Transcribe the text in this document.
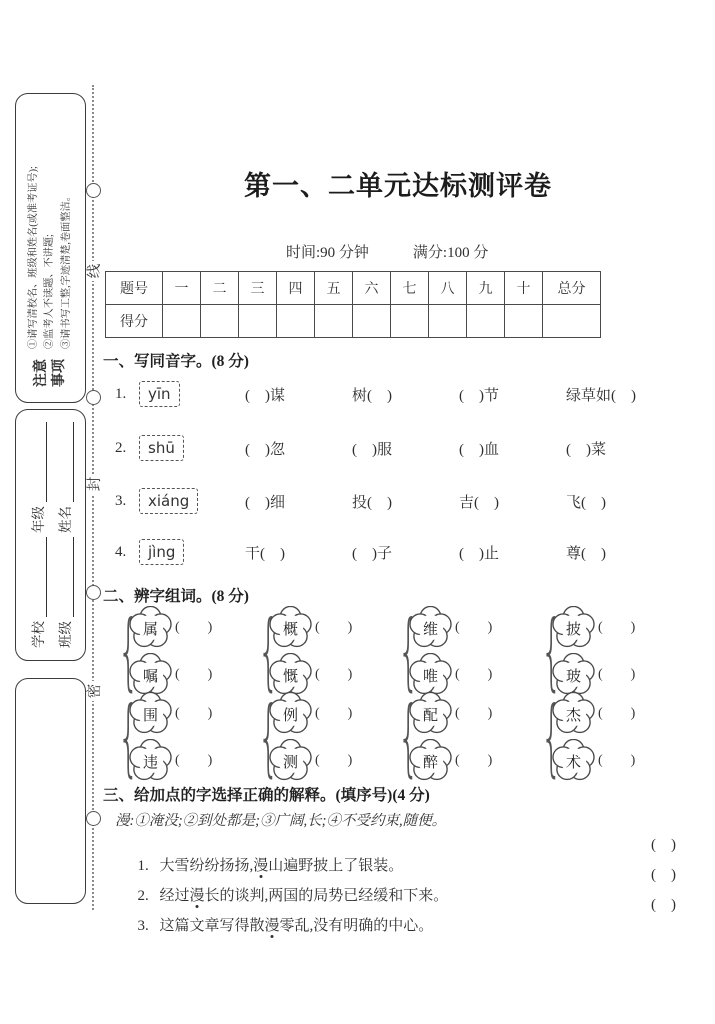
线
封
密
注意 事项
①请写清校名、班级和姓名(或准考证号); ②监考人不读题、不讲题; ③请书写工整,字迹清楚,卷面整洁。
学校
年级
班级
姓名
第一、二单元达标测评卷
时间:90 分钟	满分:100 分
题号	一	二	三	四	五	六	七	八	九	十	总分
得分											
一、写同音字。(8 分)
1.	yīn	(    )谋	树(    )	(    )节	绿草如(    )
2.	shū	(    )忽	(    )服	(    )血	(    )菜
3.	xiáng	(    )细	投(    )	吉(    )	飞(    )
4.	jìng	干(    )	(    )子	(    )止	尊(    )
二、辨字组词。(8 分)
{
属	(        )
嘱	(        )
{
概	(        )
慨	(        )
{
维	(        )
唯	(        )
{
披	(        )
玻	(        )
{
围	(        )
违	(        )
{
例	(        )
测	(        )
{
配	(        )
醉	(        )
{
杰	(        )
术	(        )
三、给加点的字选择正确的解释。(填序号)(4 分)
漫:①淹没;②到处都是;③广阔,长;④不受约束,随便。

1. 大雪纷纷扬扬,漫山遍野披上了银装。

(    )

2. 经过漫长的谈判,两国的局势已经缓和下来。

(    )

3. 这篇文章写得散漫零乱,没有明确的中心。

(    )
